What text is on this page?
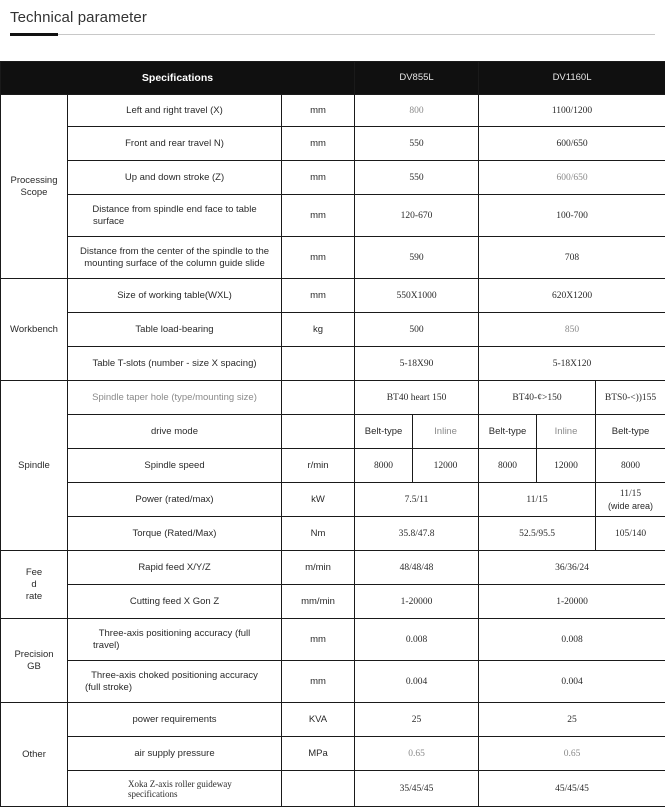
Technical parameter
Specifications			DV855L		DV1160L		
Processing Scope	Left and right travel (X)	mm	800		1100/1200		
	Front and rear travel N)	mm	550		600/650		
	Up and down stroke (Z)	mm	550		600/650		

	Distance from spindle end face to table
surface	mm	120-670		100-700		

	Distance from the center of the spindle to the
mounting surface of the column guide slide	mm	590		708		
Workbench	Size of working table(WXL)	mm	550X1000		620X1200		
	Table load-bearing	kg	500		850		
	Table T-slots (number - size X spacing)		5-18X90		5-18X120		
Spindle	Spindle taper hole (type/mounting size)		BT40 heart 150		BT40-¢>150		BTS0-<))155
	drive mode		Belt-type	Inline	Belt-type	Inline	Belt-type
	Spindle speed	r/min	8000	12000	8000	12000	8000
	Power (rated/max)	kW	7.5/11		11/15		11/15
(wide area)

	Torque (Rated/Max)	Nm	35.8/47.8		52.5/95.5		105/140

Fee
d
rate	Rapid feed X/Y/Z	m/min	48/48/48		36/36/24		
	Cutting feed X Gon Z	mm/min	1-20000		1-20000		

Precision
GB	Three-axis positioning accuracy (full
travel)	mm	0.008		0.008		

	Three-axis choked positioning accuracy
(full stroke)	mm	0.004		0.004		
Other	power requirements	KVA	25		25		
	air supply pressure	MPa	0.65		0.65		

	Xoka Z-axis roller guideway
specifications		35/45/45		45/45/45		
